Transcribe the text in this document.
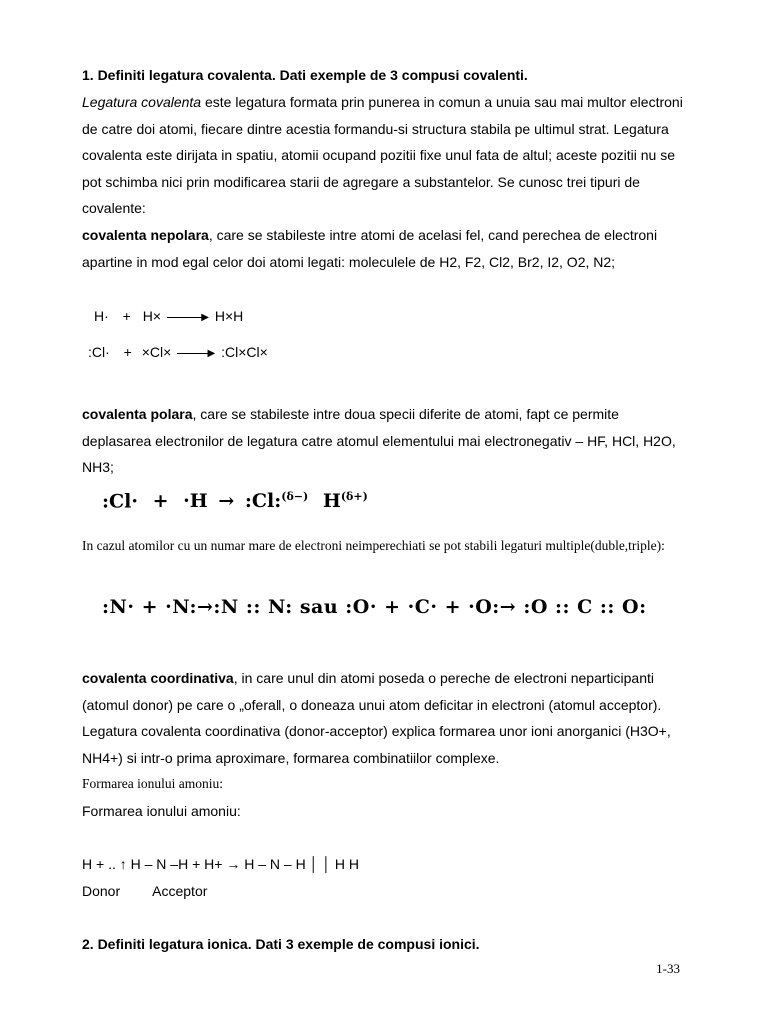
1. Definiti legatura covalenta. Dati exemple de 3 compusi covalenti.

Legatura covalenta este legatura formata prin punerea in comun a unuia sau mai multor electroni de catre doi atomi, fiecare dintre acestia formandu-si structura stabila pe ultimul strat. Legatura covalenta este dirijata in spatiu, atomii ocupand pozitii fixe unul fata de altul; aceste pozitii nu se pot schimba nici prin modificarea starii de agregare a substantelor. Se cunosc trei tipuri de covalente:

covalenta nepolara, care se stabileste intre atomi de acelasi fel, cand perechea de electroni apartine in mod egal celor doi atomi legati: moleculele de H2, F2, Cl2, Br2, I2, O2, N2;

H· + H×	▶ H×H
:Cl· + ×Cl×	▶ :Cl×Cl×

covalenta polara, care se stabileste intre doua specii diferite de atomi, fapt ce permite deplasarea electronilor de legatura catre atomul elementului mai electronegativ – HF, HCl, H2O, NH3;

:Cl· + ·H → :Cl:$^{(\delta-)}$ $H^{(\delta+)}$

In cazul atomilor cu un numar mare de electroni neimperechiati se pot stabili legaturi multiple(duble,triple):

:N· + ·N:→:N :: N: sau :O· + ·C· + ·O:→ :O :: C :: O:

covalenta coordinativa, in care unul din atomi poseda o pereche de electroni neparticipanti (atomul donor) pe care o „ofera‖, o doneaza unui atom deficitar in electroni (atomul acceptor). Legatura covalenta coordinativa (donor-acceptor) explica formarea unor ioni anorganici (H3O+, NH4+) si intr-o prima aproximare, formarea combinatiilor complexe.

Formarea ionului amoniu:

Formarea ionului amoniu:

H + .. ↑ H – N –H + H+ → H – N – H │ │ H H

Donor Acceptor

2. Definiti legatura ionica. Dati 3 exemple de compusi ionici.

1-33
